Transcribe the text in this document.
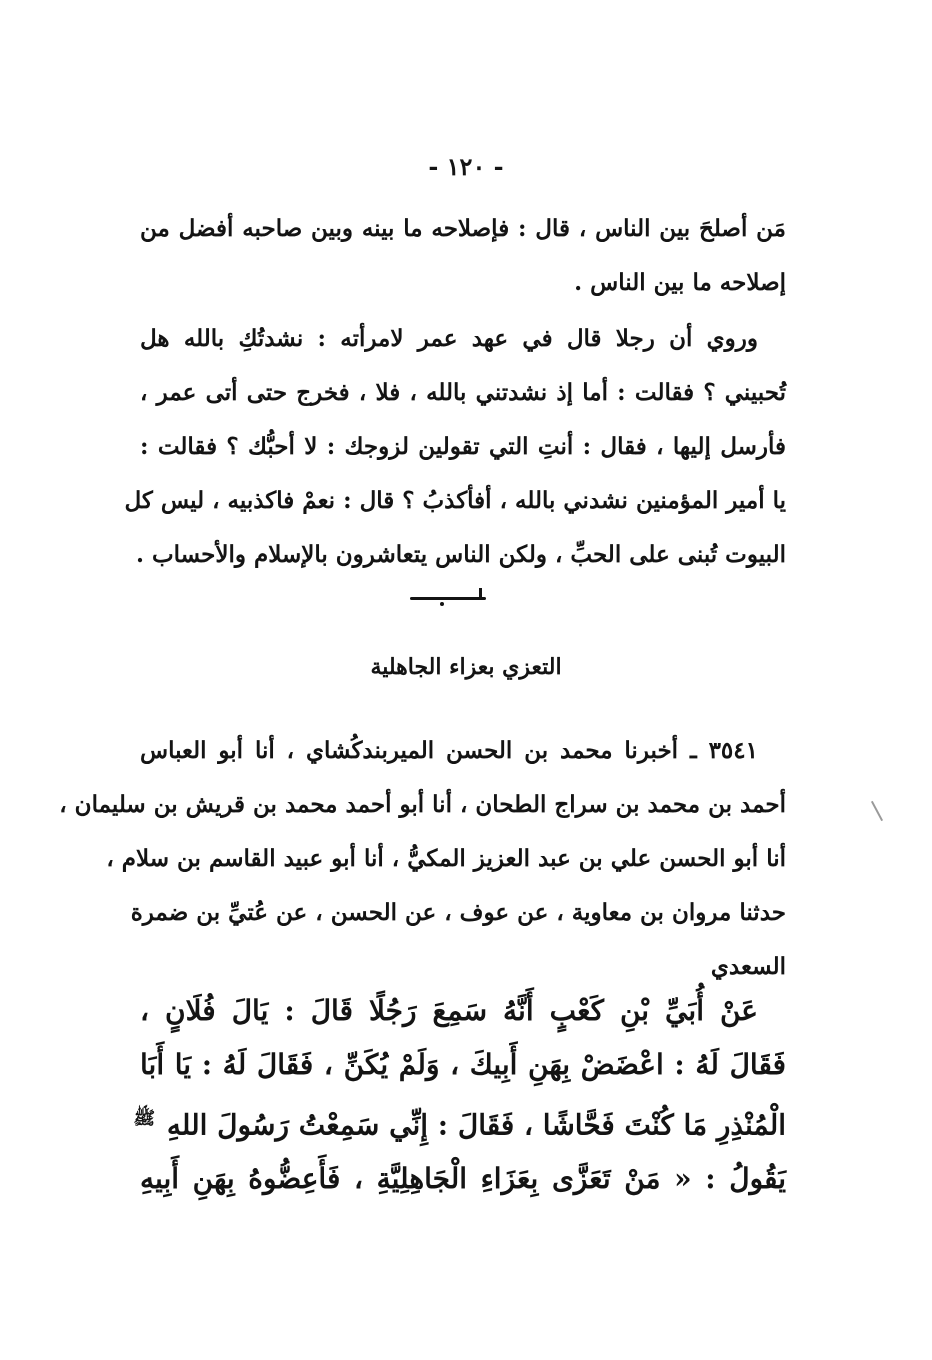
- ١٢٠ -
مَن أصلحَ بين الناس ، قال : فإصلاحه ما بينه وبين صاحبه أفضل من
إصلاحه ما بين الناس .
وروي أن رجلا قال في عهد عمر لامرأته : نشدتُكِ بالله هل
تُحبيني ؟ فقالت : أما إذ نشدتني بالله ، فلا ، فخرج حتى أتى عمر ،
فأرسل إليها ، فقال : أنتِ التي تقولين لزوجك : لا أحبُّك ؟ فقالت :
يا أمير المؤمنين نشدني بالله ، أفأكذبُ ؟ قال : نعمْ فاكذبيه ، ليس كل
البيوت تُبنى على الحبِّ ، ولكن الناس يتعاشرون بالإسلام والأحساب .
التعزي بعزاء الجاهلية
٣٥٤١ ـ أخبرنا محمد بن الحسن الميربندكُشاي ، أنا أبو العباس
أحمد بن محمد بن سراج الطحان ، أنا أبو أحمد محمد بن قريش بن سليمان ،
أنا أبو الحسن علي بن عبد العزيز المكيُّ ، أنا أبو عبيد القاسم بن سلام ،
حدثنا مروان بن معاوية ، عن عوف ، عن الحسن ، عن عُتيِّ بن ضمرة
السعدي
عَنْ أُبَيِّ بْنِ كَعْبٍ أَنَّهُ سَمِعَ رَجُلًا قَالَ : يَالَ فُلَانٍ ،
فَقَالَ لَهُ : اعْضَضْ بِهَنِ أَبِيكَ ، وَلَمْ يُكَنِّ ، فَقَالَ لَهُ : يَا أَبَا
الْمُنْذِرِ مَا كُنْتَ فَحَّاشًا ، فَقَالَ : إِنِّي سَمِعْتُ رَسُولَ اللهِ $^ﷺ$
يَقُولُ : « مَنْ تَعَزَّى بِعَزَاءِ الْجَاهِلِيَّةِ ، فَأَعِضُّوهُ بِهَنِ أَبِيهِ
